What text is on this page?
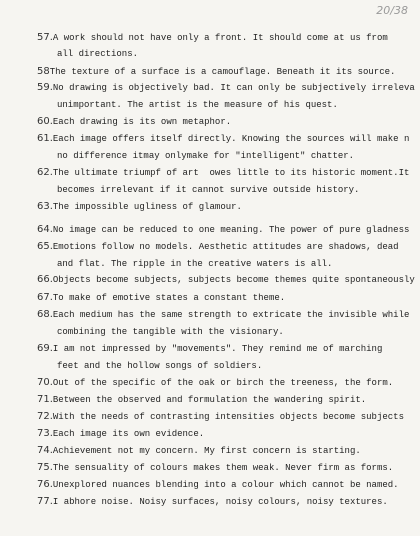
20/38
57.A work should not have only a front. It should come at us from
all directions.
58The texture of a surface is a camouflage. Beneath it its source.
59.No drawing is objectively bad. It can only be subjectively irreleva
unimportant. The artist is the measure of his quest.
60.Each drawing is its own metaphor.
61.Each image offers itself directly. Knowing the sources will make n
no difference itmay onlymake for "intelligent" chatter.
62.The ultimate triumpf of art  owes little to its historic moment.It
becomes irrelevant if it cannot survive outside history.
63.The impossible ugliness of glamour.
64.No image can be reduced to one meaning. The power of pure gladness
65.Emotions follow no models. Aesthetic attitudes are shadows, dead
and flat. The ripple in the creative waters is all.
66.Objects become subjects, subjects become themes quite spontaneously
67.To make of emotive states a constant theme.
68.Each medium has the same strength to extricate the invisible while
combining the tangible with the visionary.
69.I am not impressed by "movements". They remind me of marching
feet and the hollow songs of soldiers.
70.Out of the specific of the oak or birch the treeness, the form.
71.Between the observed and formulation the wandering spirit.
72.With the needs of contrasting intensities objects become subjects
73.Each image its own evidence.
74.Achievement not my concern. My first concern is starting.
75.The sensuality of colours makes them weak. Never firm as forms.
76.Unexplored nuances blending into a colour which cannot be named.
77.I abhore noise. Noisy surfaces, noisy colours, noisy textures.
